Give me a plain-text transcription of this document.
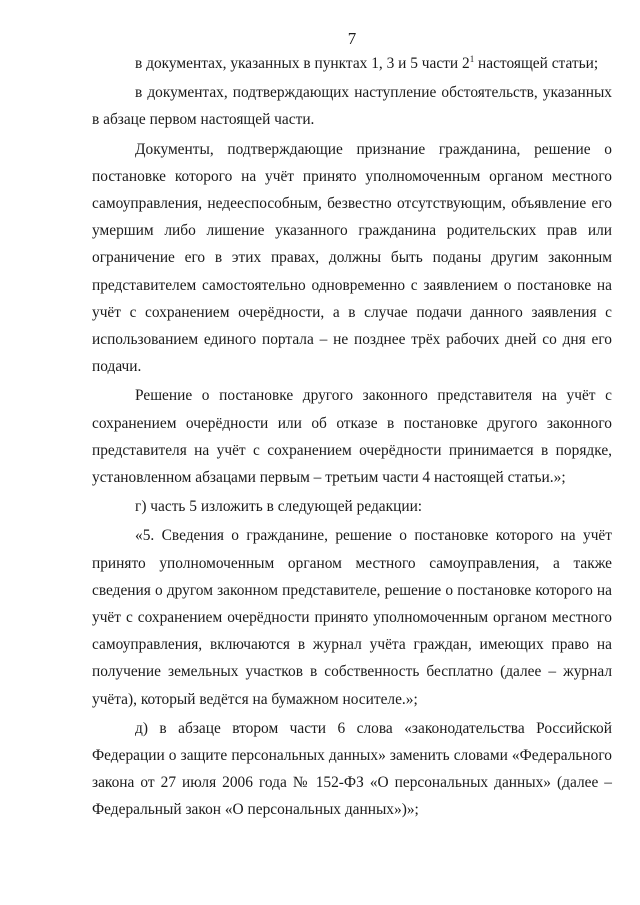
7

в документах, указанных в пунктах 1, 3 и 5 части $2^1$ настоящей статьи;

в документах, подтверждающих наступление обстоятельств, указанных в абзаце первом настоящей части.

Документы, подтверждающие признание гражданина, решение о постановке которого на учёт принято уполномоченным органом местного самоуправления, недееспособным, безвестно отсутствующим, объявление его умершим либо лишение указанного гражданина родительских прав или ограничение его в этих правах, должны быть поданы другим законным представителем самостоятельно одновременно с заявлением о постановке на учёт с сохранением очерёдности, а в случае подачи данного заявления с использованием единого портала – не позднее трёх рабочих дней со дня его подачи.

Решение о постановке другого законного представителя на учёт с сохранением очерёдности или об отказе в постановке другого законного представителя на учёт с сохранением очерёдности принимается в порядке, установленном абзацами первым – третьим части 4 настоящей статьи.»;

г) часть 5 изложить в следующей редакции:

«5. Сведения о гражданине, решение о постановке которого на учёт принято уполномоченным органом местного самоуправления, а также сведения о другом законном представителе, решение о постановке которого на учёт с сохранением очерёдности принято уполномоченным органом местного самоуправления, включаются в журнал учёта граждан, имеющих право на получение земельных участков в собственность бесплатно (далее – журнал учёта), который ведётся на бумажном носителе.»;

д) в абзаце втором части 6 слова «законодательства Российской Федерации о защите персональных данных» заменить словами «Федерального закона от 27 июля 2006 года № 152-ФЗ «О персональных данных» (далее – Федеральный закон «О персональных данных»)»;
